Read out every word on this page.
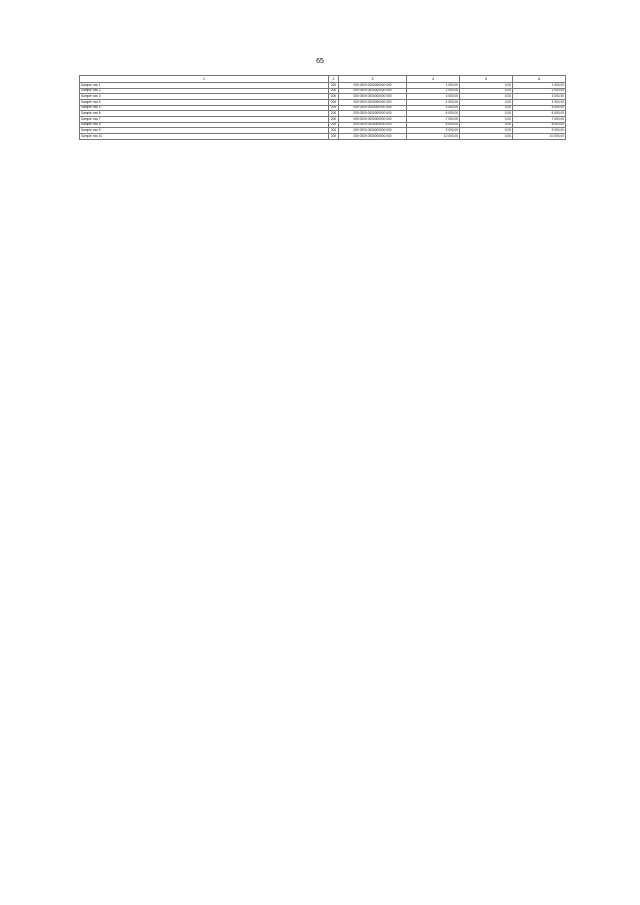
65
1	2	3	4	5	6
Sample row 1	200	000 0000 0000000000 000	1 000,00	0,00	1 000,00
Sample row 2	200	000 0000 0000000000 000	2 000,00	0,00	2 000,00
Sample row 3	200	000 0000 0000000000 000	3 000,00	0,00	3 000,00
Sample row 4	200	000 0000 0000000000 000	4 000,00	0,00	4 000,00
Sample row 5	200	000 0000 0000000000 000	5 000,00	0,00	5 000,00
Sample row 6	200	000 0000 0000000000 000	6 000,00	0,00	6 000,00
Sample row 7	200	000 0000 0000000000 000	7 000,00	0,00	7 000,00
Sample row 8	200	000 0000 0000000000 000	8 000,00	0,00	8 000,00
Sample row 9	200	000 0000 0000000000 000	9 000,00	0,00	9 000,00
Sample row 10	200	000 0000 0000000000 000	10 000,00	0,00	10 000,00
